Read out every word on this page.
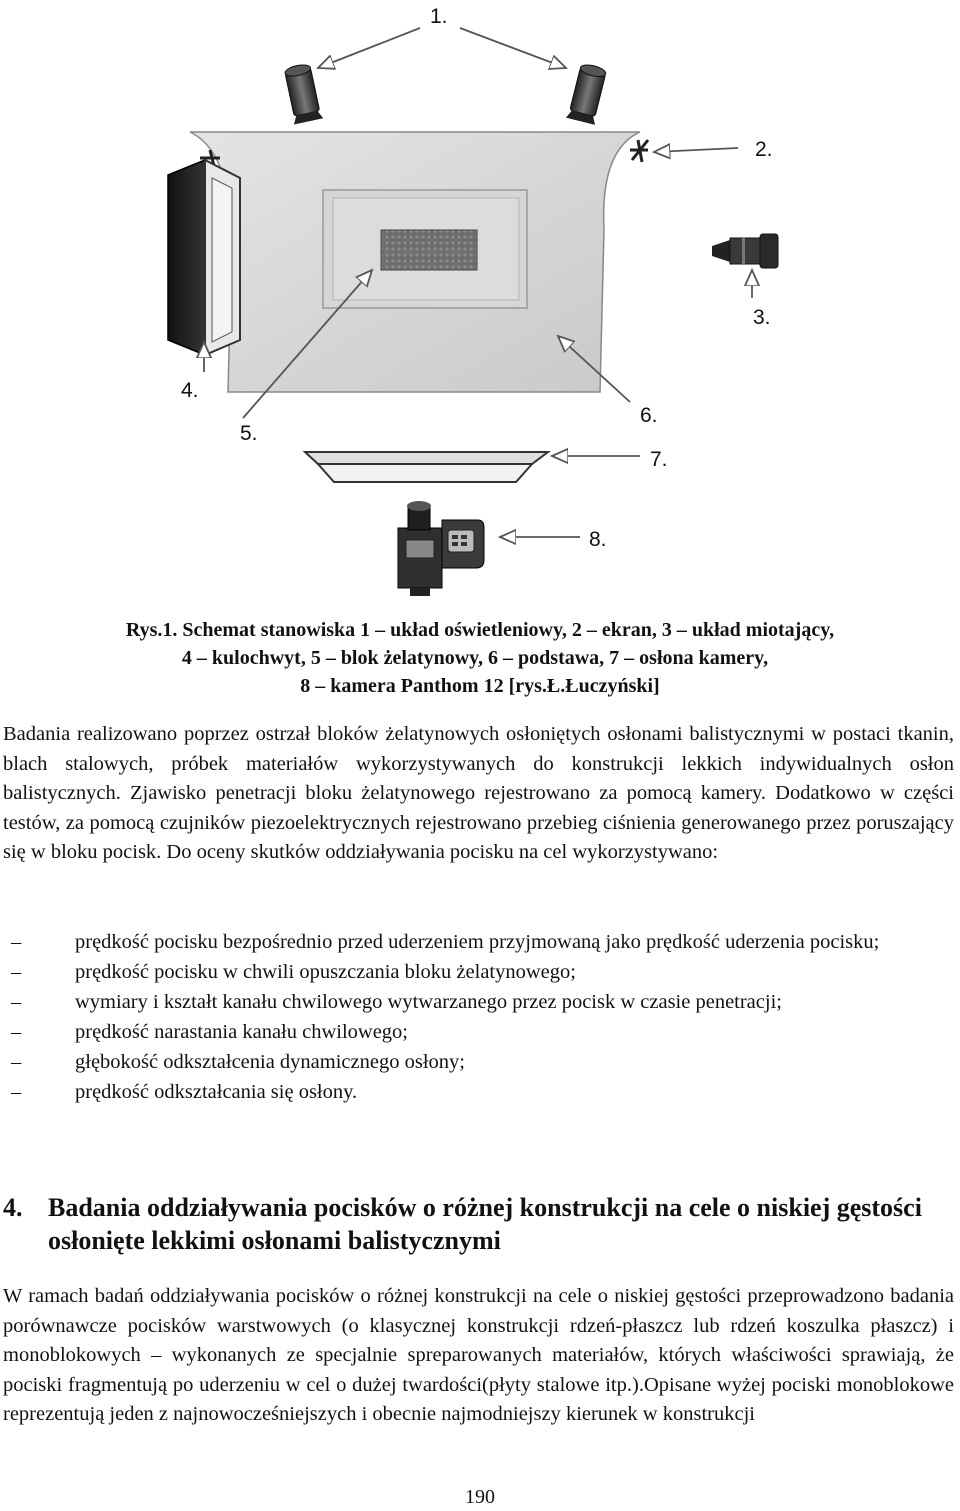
1.
2.
3.
4.
5.
6.
7.
8.
Rys.1. Schemat stanowiska 1 – układ oświetleniowy, 2 – ekran, 3 – układ miotający,
4 – kulochwyt, 5 – blok żelatynowy, 6 – podstawa, 7 – osłona kamery,
8 – kamera Panthom 12 [rys.Ł.Łuczyński]
Badania realizowano poprzez ostrzał bloków żelatynowych osłoniętych osłonami balistycznymi w postaci tkanin, blach stalowych, próbek materiałów wykorzystywanych do konstrukcji lekkich indywidualnych osłon balistycznych. Zjawisko penetracji bloku żelatynowego rejestrowano za pomocą kamery. Dodatkowo w części testów, za pomocą czujników piezoelektrycznych rejestrowano przebieg ciśnienia generowanego przez poruszający się w bloku pocisk. Do oceny skutków oddziaływania pocisku na cel wykorzystywano:
–	prędkość pocisku bezpośrednio przed uderzeniem przyjmowaną jako prędkość uderzenia pocisku;
–	prędkość pocisku w chwili opuszczania bloku żelatynowego;
–	wymiary i kształt kanału chwilowego wytwarzanego przez pocisk w czasie penetracji;
–	prędkość narastania kanału chwilowego;
–	głębokość odkształcenia dynamicznego osłony;
–	prędkość odkształcania się osłony.
4. Badania oddziaływania pocisków o różnej konstrukcji na cele o niskiej gęstości osłonięte lekkimi osłonami balistycznymi
W ramach badań oddziaływania pocisków o różnej konstrukcji na cele o niskiej gęstości przeprowadzono badania porównawcze pocisków warstwowych (o klasycznej konstrukcji rdzeń-płaszcz lub rdzeń koszulka płaszcz) i monoblokowych – wykonanych ze specjalnie spreparowanych materiałów, których właściwości sprawiają, że pociski fragmentują po uderzeniu w cel o dużej twardości(płyty stalowe itp.).Opisane wyżej pociski monoblokowe reprezentują jeden z najnowocześniejszych i obecnie najmodniejszy kierunek w konstrukcji
190
